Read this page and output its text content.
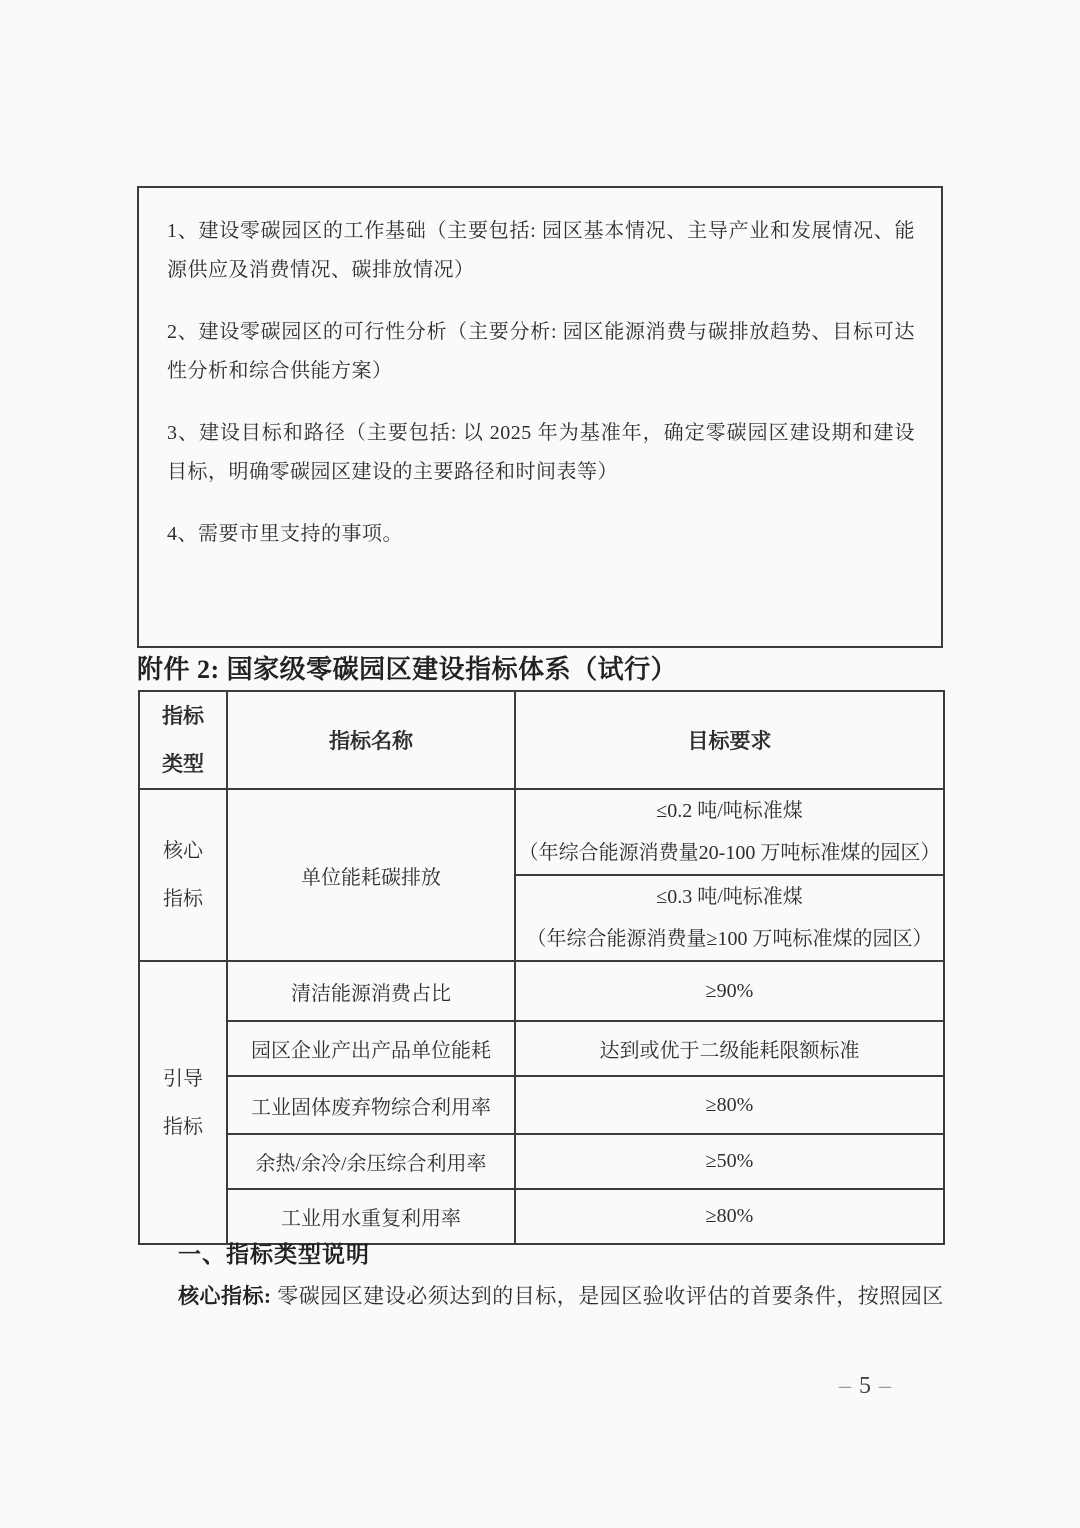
1、建设零碳园区的工作基础（主要包括: 园区基本情况、主导产业和发展情况、能源供应及消费情况、碳排放情况）

2、建设零碳园区的可行性分析（主要分析: 园区能源消费与碳排放趋势、目标可达性分析和综合供能方案）

3、建设目标和路径（主要包括: 以 2025 年为基准年，确定零碳园区建设期和建设目标，明确零碳园区建设的主要路径和时间表等）

4、需要市里支持的事项。

附件 2: 国家级零碳园区建设指标体系（试行）
指标类型	指标名称	目标要求
核心指标	单位能耗碳排放	≤0.2 吨/吨标准煤
（年综合能源消费量20-100 万吨标准煤的园区）

		≤0.3 吨/吨标准煤
（年综合能源消费量≥100 万吨标准煤的园区）

引导指标	清洁能源消费占比	≥90%
	园区企业产出产品单位能耗	达到或优于二级能耗限额标准
	工业固体废弃物综合利用率	≥80%
	余热/余冷/余压综合利用率	≥50%
	工业用水重复利用率	≥80%
一、指标类型说明

核心指标: 零碳园区建设必须达到的目标，是园区验收评估的首要条件，按照园区

– 5 –
